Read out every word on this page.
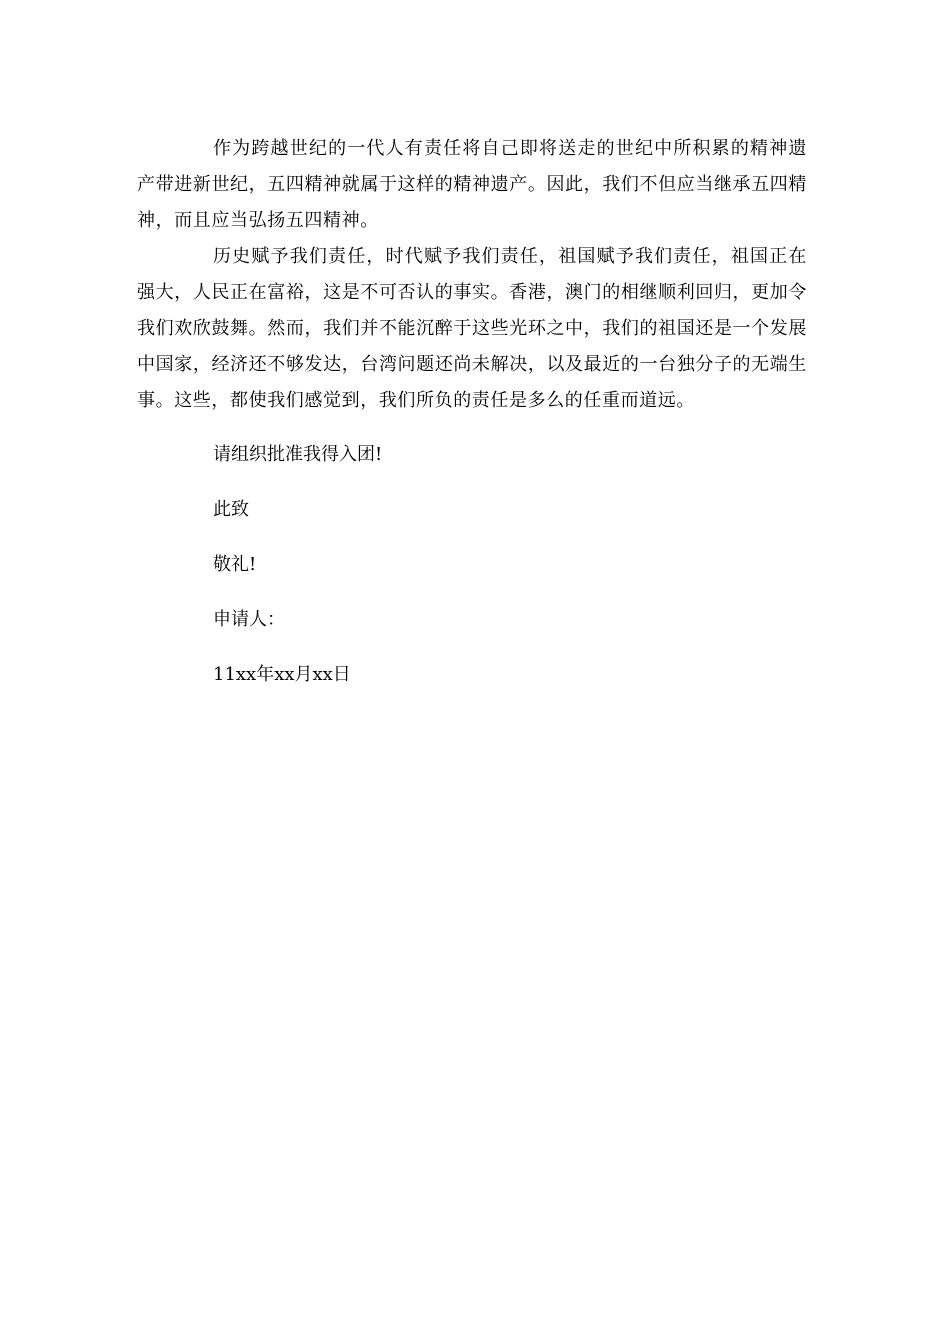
作为跨越世纪的一代人有责任将自己即将送走的世纪中所积累的精神遗产带进新世纪，五四精神就属于这样的精神遗产。因此，我们不但应当继承五四精神，而且应当弘扬五四精神。

历史赋予我们责任，时代赋予我们责任，祖国赋予我们责任，祖国正在强大，人民正在富裕，这是不可否认的事实。香港，澳门的相继顺利回归，更加令我们欢欣鼓舞。然而，我们并不能沉醉于这些光环之中，我们的祖国还是一个发展中国家，经济还不够发达，台湾问题还尚未解决，以及最近的一台独分子的无端生事。这些，都使我们感觉到，我们所负的责任是多么的任重而道远。

请组织批准我得入团!

此致

敬礼!

申请人：

11xx年xx月xx日
